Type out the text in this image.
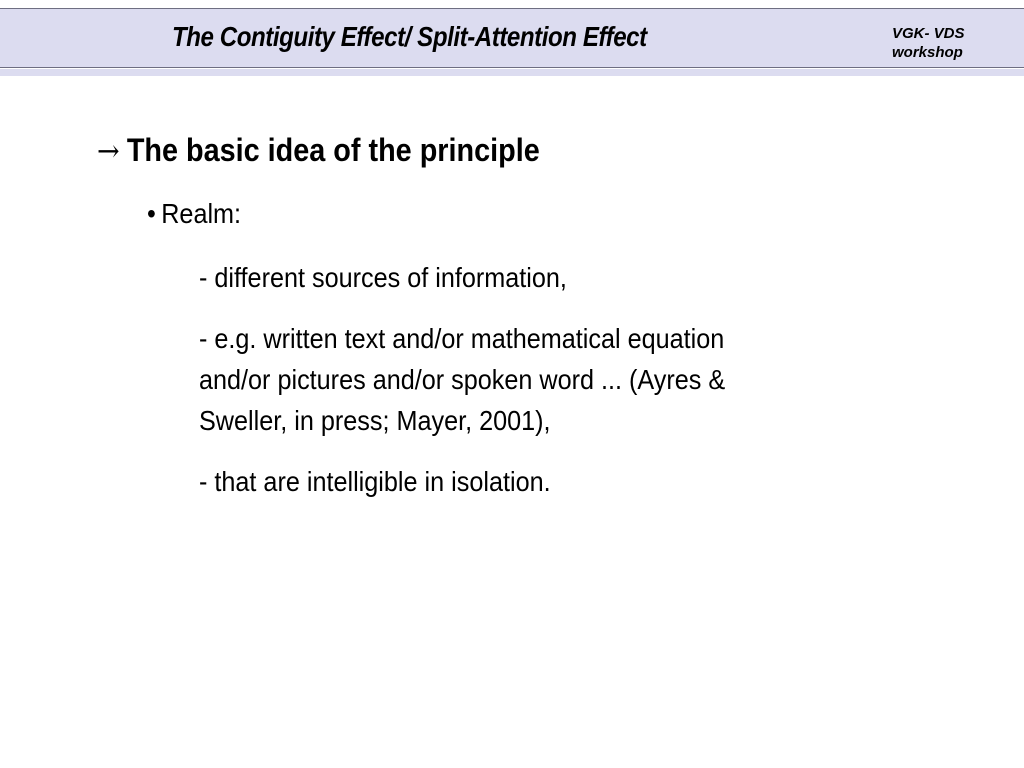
The Contiguity Effect/ Split-Attention Effect	VGK- VDS
workshop
→ The basic idea of the principle
• Realm:
- different sources of information,
- e.g. written text and/or mathematical equation
and/or pictures and/or spoken word ... (Ayres &
Sweller, in press; Mayer, 2001),
- that are intelligible in isolation.
